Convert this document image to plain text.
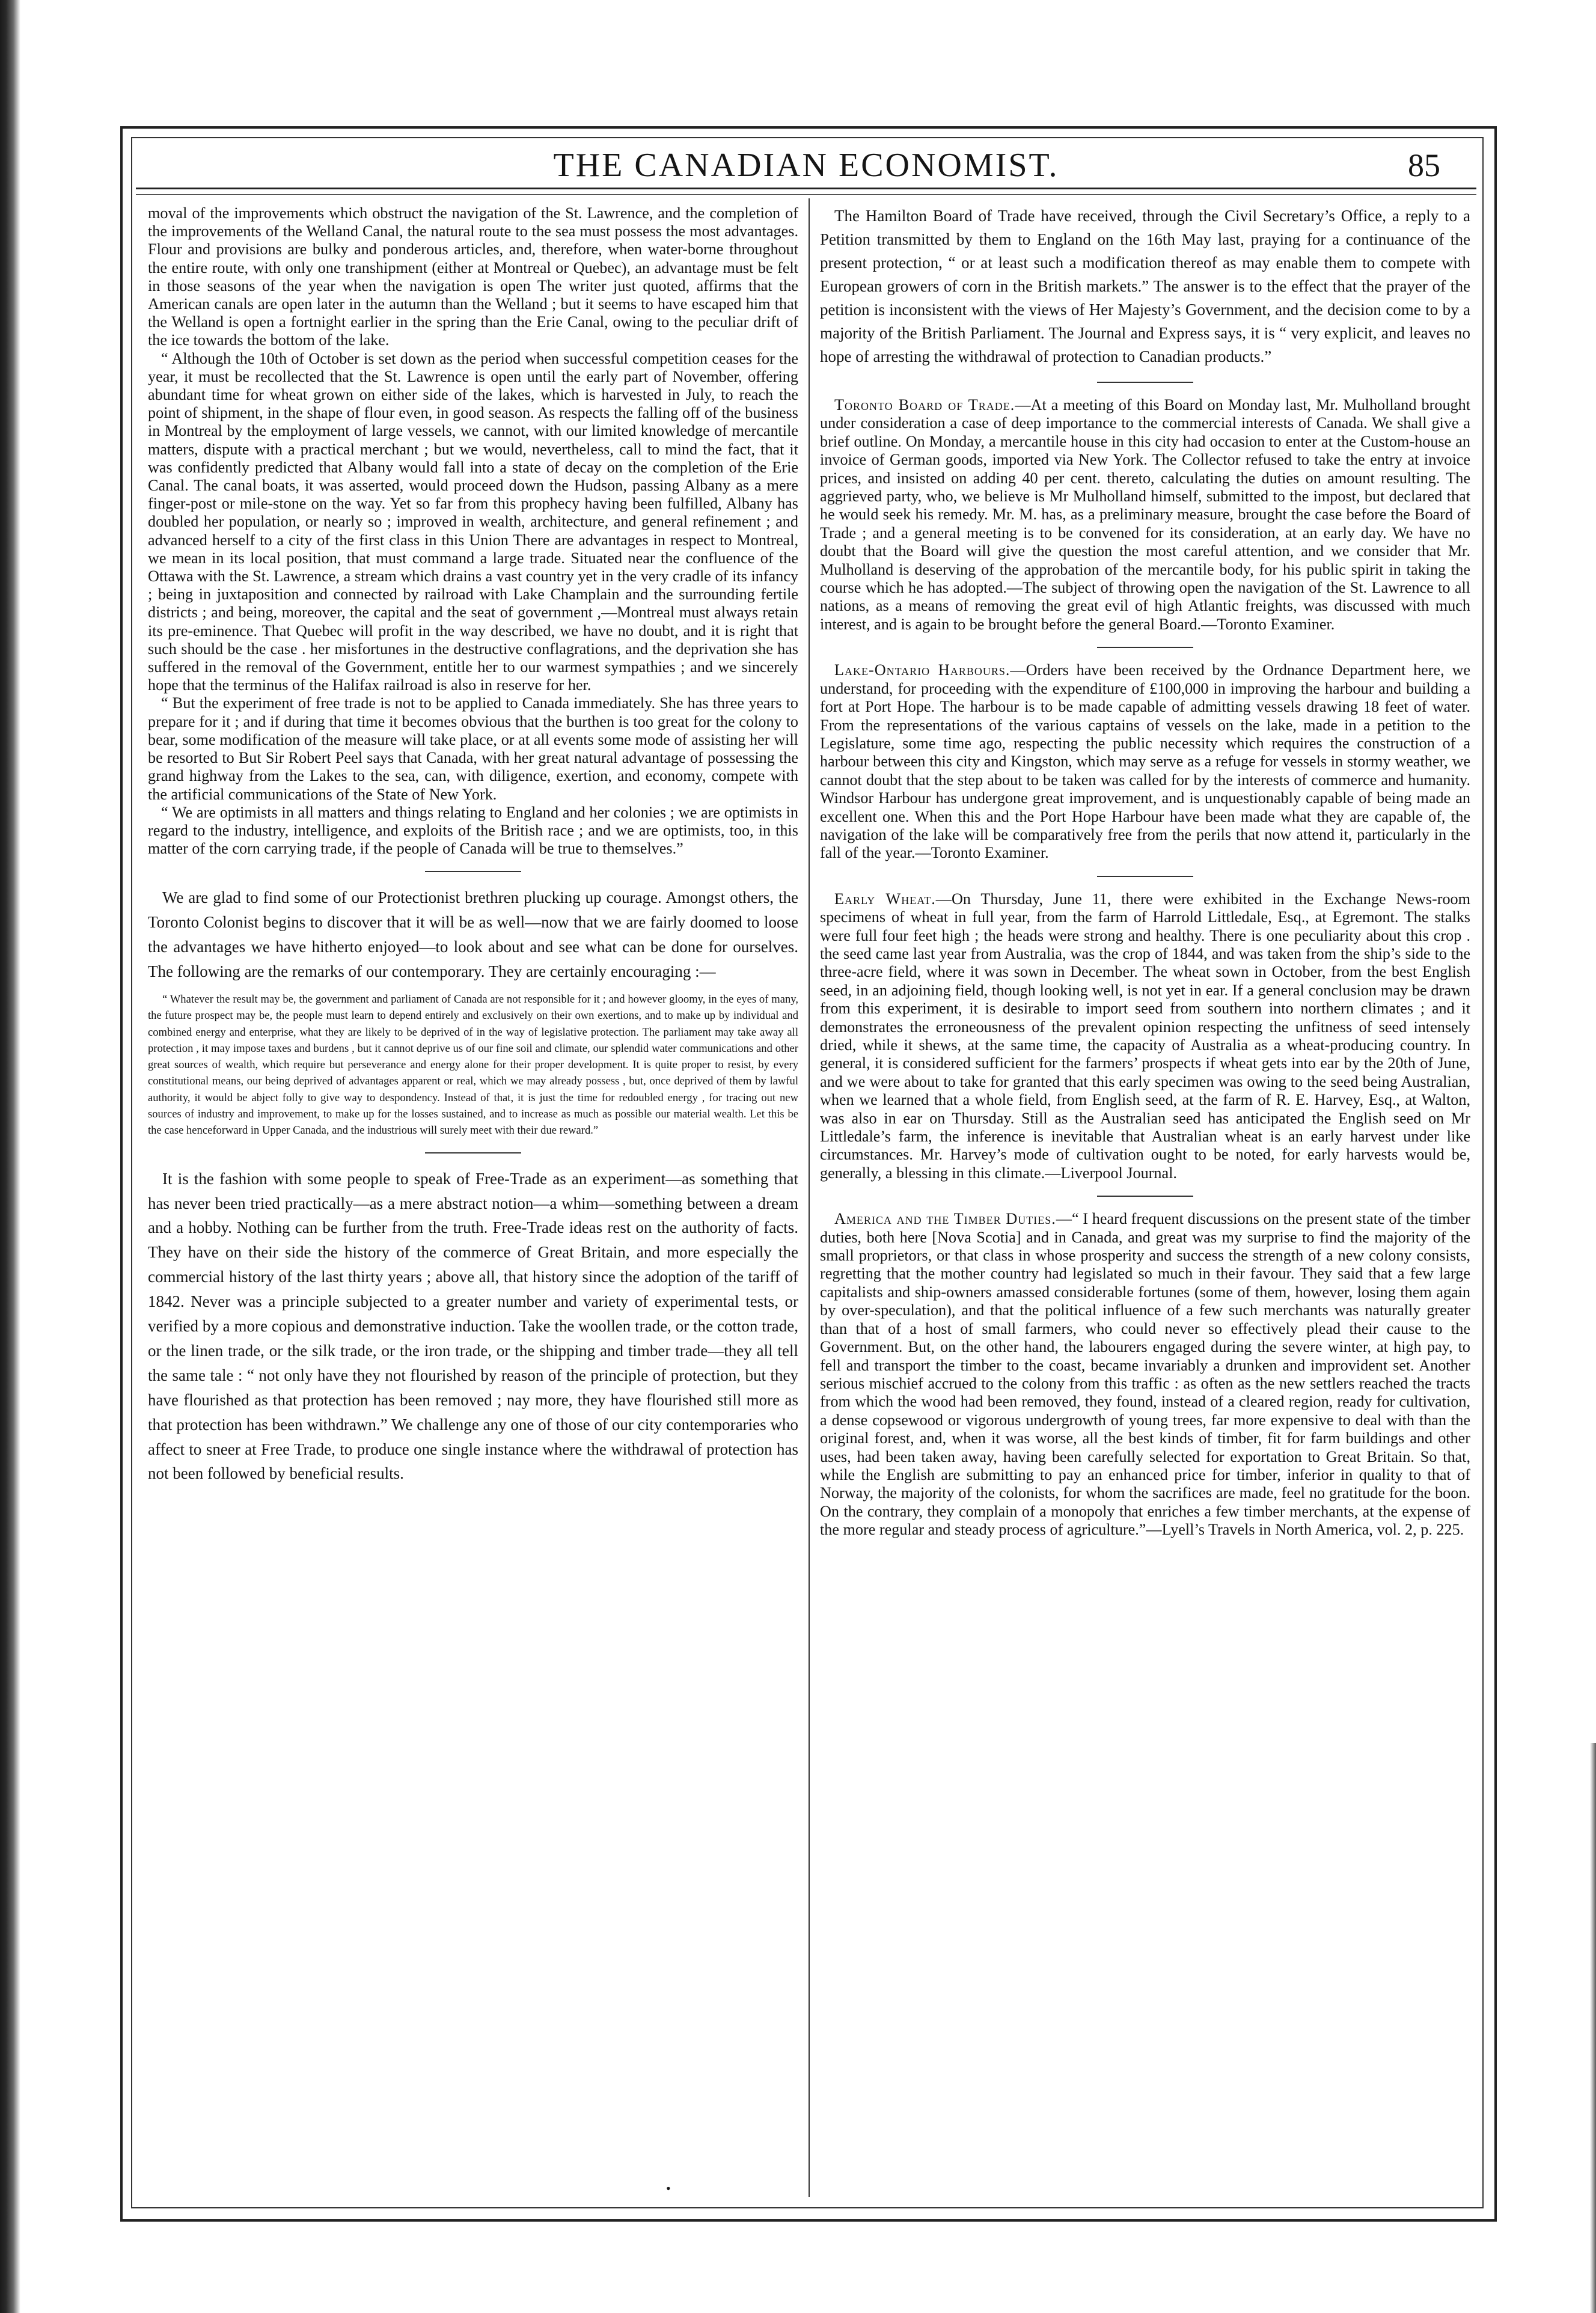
THE CANADIAN ECONOMIST.	85

moval of the improvements which obstruct the navigation of the St. Lawrence, and the completion of the improvements of the Welland Canal, the natural route to the sea must possess the most advantages. Flour and provisions are bulky and ponderous articles, and, therefore, when water-borne throughout the entire route, with only one transhipment (either at Montreal or Quebec), an advantage must be felt in those seasons of the year when the navigation is open The writer just quoted, affirms that the American canals are open later in the autumn than the Welland ; but it seems to have escaped him that the Welland is open a fortnight earlier in the spring than the Erie Canal, owing to the peculiar drift of the ice towards the bottom of the lake.

“ Although the 10th of October is set down as the period when successful competition ceases for the year, it must be recollected that the St. Lawrence is open until the early part of November, offering abundant time for wheat grown on either side of the lakes, which is harvested in July, to reach the point of shipment, in the shape of flour even, in good season. As respects the falling off of the business in Montreal by the employment of large vessels, we cannot, with our limited knowledge of mercantile matters, dispute with a practical merchant ; but we would, nevertheless, call to mind the fact, that it was confidently predicted that Albany would fall into a state of decay on the completion of the Erie Canal. The canal boats, it was asserted, would proceed down the Hudson, passing Albany as a mere finger-post or mile-stone on the way. Yet so far from this prophecy having been fulfilled, Albany has doubled her population, or nearly so ; improved in wealth, architecture, and general refinement ; and advanced herself to a city of the first class in this Union There are advantages in respect to Montreal, we mean in its local position, that must command a large trade. Situated near the confluence of the Ottawa with the St. Lawrence, a stream which drains a vast country yet in the very cradle of its infancy ; being in juxtaposition and connected by railroad with Lake Champlain and the surrounding fertile districts ; and being, moreover, the capital and the seat of government ,—Montreal must always retain its pre-eminence. That Quebec will profit in the way described, we have no doubt, and it is right that such should be the case . her misfortunes in the destructive conflagrations, and the deprivation she has suffered in the removal of the Government, entitle her to our warmest sympathies ; and we sincerely hope that the terminus of the Halifax railroad is also in reserve for her.

“ But the experiment of free trade is not to be applied to Canada immediately. She has three years to prepare for it ; and if during that time it becomes obvious that the burthen is too great for the colony to bear, some modification of the measure will take place, or at all events some mode of assisting her will be resorted to But Sir Robert Peel says that Canada, with her great natural advantage of possessing the grand highway from the Lakes to the sea, can, with diligence, exertion, and economy, compete with the artificial communications of the State of New York.

“ We are optimists in all matters and things relating to England and her colonies ; we are optimists in regard to the industry, intelligence, and exploits of the British race ; and we are optimists, too, in this matter of the corn carrying trade, if the people of Canada will be true to themselves.”

We are glad to find some of our Protectionist brethren plucking up courage. Amongst others, the Toronto Colonist begins to discover that it will be as well—now that we are fairly doomed to loose the advantages we have hitherto enjoyed—to look about and see what can be done for ourselves. The following are the remarks of our contemporary. They are certainly encouraging :—

“ Whatever the result may be, the government and parliament of Canada are not responsible for it ; and however gloomy, in the eyes of many, the future prospect may be, the people must learn to depend entirely and exclusively on their own exertions, and to make up by individual and combined energy and enterprise, what they are likely to be deprived of in the way of legislative protection. The parliament may take away all protection , it may impose taxes and burdens , but it cannot deprive us of our fine soil and climate, our splendid water communications and other great sources of wealth, which require but perseverance and energy alone for their proper development. It is quite proper to resist, by every constitutional means, our being deprived of advantages apparent or real, which we may already possess , but, once deprived of them by lawful authority, it would be abject folly to give way to despondency. Instead of that, it is just the time for redoubled energy , for tracing out new sources of industry and improvement, to make up for the losses sustained, and to increase as much as possible our material wealth. Let this be the case henceforward in Upper Canada, and the industrious will surely meet with their due reward.”

It is the fashion with some people to speak of Free-Trade as an experiment—as something that has never been tried practically—as a mere abstract notion—a whim—something between a dream and a hobby. Nothing can be further from the truth. Free-Trade ideas rest on the authority of facts. They have on their side the history of the commerce of Great Britain, and more especially the commercial history of the last thirty years ; above all, that history since the adoption of the tariff of 1842. Never was a principle subjected to a greater number and variety of experimental tests, or verified by a more copious and demonstrative induction. Take the woollen trade, or the cotton trade, or the linen trade, or the silk trade, or the iron trade, or the shipping and timber trade—they all tell the same tale : “ not only have they not flourished by reason of the principle of protection, but they have flourished as that protection has been removed ; nay more, they have flourished still more as that protection has been withdrawn.” We challenge any one of those of our city contemporaries who affect to sneer at Free Trade, to produce one single instance where the withdrawal of protection has not been followed by beneficial results.

The Hamilton Board of Trade have received, through the Civil Secretary’s Office, a reply to a Petition transmitted by them to England on the 16th May last, praying for a continuance of the present protection, “ or at least such a modification thereof as may enable them to compete with European growers of corn in the British markets.” The answer is to the effect that the prayer of the petition is inconsistent with the views of Her Majesty’s Government, and the decision come to by a majority of the British Parliament. The Journal and Express says, it is “ very explicit, and leaves no hope of arresting the withdrawal of protection to Canadian products.”

Toronto Board of Trade.—At a meeting of this Board on Monday last, Mr. Mulholland brought under consideration a case of deep importance to the commercial interests of Canada. We shall give a brief outline. On Monday, a mercantile house in this city had occasion to enter at the Custom-house an invoice of German goods, imported via New York. The Collector refused to take the entry at invoice prices, and insisted on adding 40 per cent. thereto, calculating the duties on amount resulting. The aggrieved party, who, we believe is Mr Mulholland himself, submitted to the impost, but declared that he would seek his remedy. Mr. M. has, as a preliminary measure, brought the case before the Board of Trade ; and a general meeting is to be convened for its consideration, at an early day. We have no doubt that the Board will give the question the most careful attention, and we consider that Mr. Mulholland is deserving of the approbation of the mercantile body, for his public spirit in taking the course which he has adopted.—The subject of throwing open the navigation of the St. Lawrence to all nations, as a means of removing the great evil of high Atlantic freights, was discussed with much interest, and is again to be brought before the general Board.—Toronto Examiner.

Lake-Ontario Harbours.—Orders have been received by the Ordnance Department here, we understand, for proceeding with the expenditure of £100,000 in improving the harbour and building a fort at Port Hope. The harbour is to be made capable of admitting vessels drawing 18 feet of water. From the representations of the various captains of vessels on the lake, made in a petition to the Legislature, some time ago, respecting the public necessity which requires the construction of a harbour between this city and Kingston, which may serve as a refuge for vessels in stormy weather, we cannot doubt that the step about to be taken was called for by the interests of commerce and humanity. Windsor Harbour has undergone great improvement, and is unquestionably capable of being made an excellent one. When this and the Port Hope Harbour have been made what they are capable of, the navigation of the lake will be comparatively free from the perils that now attend it, particularly in the fall of the year.—Toronto Examiner.

Early Wheat.—On Thursday, June 11, there were exhibited in the Exchange News-room specimens of wheat in full year, from the farm of Harrold Littledale, Esq., at Egremont. The stalks were full four feet high ; the heads were strong and healthy. There is one peculiarity about this crop . the seed came last year from Australia, was the crop of 1844, and was taken from the ship’s side to the three-acre field, where it was sown in December. The wheat sown in October, from the best English seed, in an adjoining field, though looking well, is not yet in ear. If a general conclusion may be drawn from this experiment, it is desirable to import seed from southern into northern climates ; and it demonstrates the erroneousness of the prevalent opinion respecting the unfitness of seed intensely dried, while it shews, at the same time, the capacity of Australia as a wheat-producing country. In general, it is considered sufficient for the farmers’ prospects if wheat gets into ear by the 20th of June, and we were about to take for granted that this early specimen was owing to the seed being Australian, when we learned that a whole field, from English seed, at the farm of R. E. Harvey, Esq., at Walton, was also in ear on Thursday. Still as the Australian seed has anticipated the English seed on Mr Littledale’s farm, the inference is inevitable that Australian wheat is an early harvest under like circumstances. Mr. Harvey’s mode of cultivation ought to be noted, for early harvests would be, generally, a blessing in this climate.—Liverpool Journal.

America and the Timber Duties.—“ I heard frequent discussions on the present state of the timber duties, both here [Nova Scotia] and in Canada, and great was my surprise to find the majority of the small proprietors, or that class in whose prosperity and success the strength of a new colony consists, regretting that the mother country had legislated so much in their favour. They said that a few large capitalists and ship-owners amassed considerable fortunes (some of them, however, losing them again by over-speculation), and that the political influence of a few such merchants was naturally greater than that of a host of small farmers, who could never so effectively plead their cause to the Government. But, on the other hand, the labourers engaged during the severe winter, at high pay, to fell and transport the timber to the coast, became invariably a drunken and improvident set. Another serious mischief accrued to the colony from this traffic : as often as the new settlers reached the tracts from which the wood had been removed, they found, instead of a cleared region, ready for cultivation, a dense copsewood or vigorous undergrowth of young trees, far more expensive to deal with than the original forest, and, when it was worse, all the best kinds of timber, fit for farm buildings and other uses, had been taken away, having been carefully selected for exportation to Great Britain. So that, while the English are submitting to pay an enhanced price for timber, inferior in quality to that of Norway, the majority of the colonists, for whom the sacrifices are made, feel no gratitude for the boon. On the contrary, they complain of a monopoly that enriches a few timber merchants, at the expense of the more regular and steady process of agriculture.”—Lyell’s Travels in North America, vol. 2, p. 225.

•
